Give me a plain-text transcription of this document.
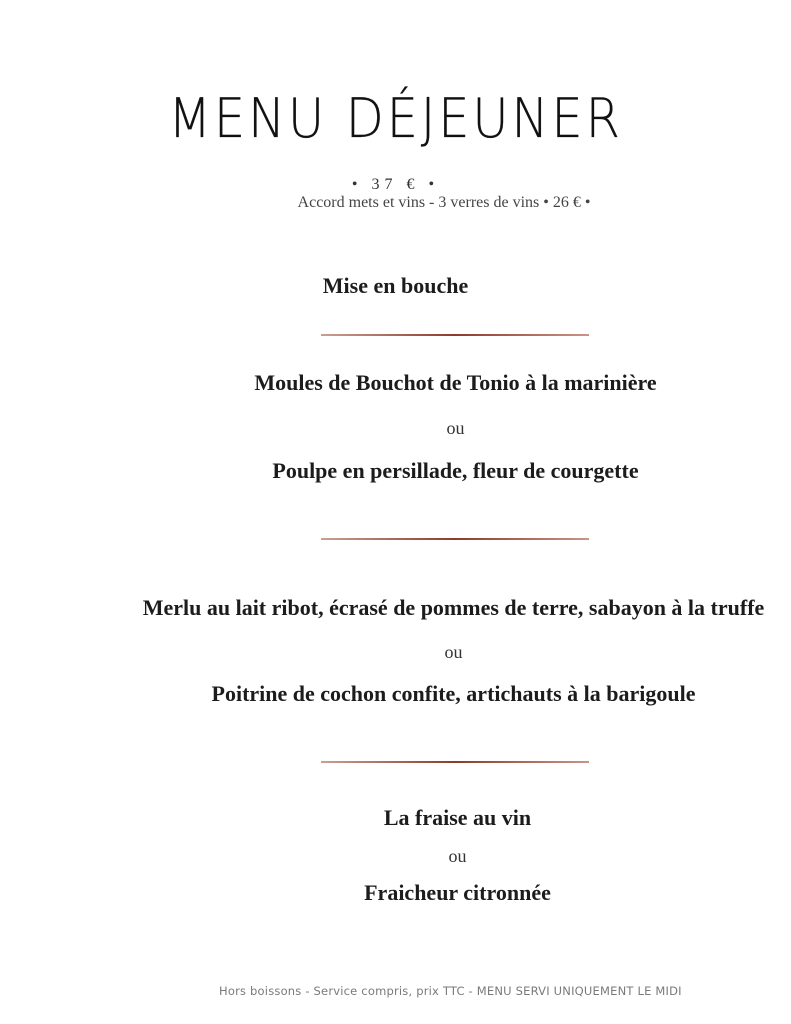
MENU DÉJEUNER
• 37 € •
Accord mets et vins - 3 verres de vins • 26 € •
Mise en bouche
Moules de Bouchot de Tonio à la marinière
ou
Poulpe en persillade, fleur de courgette
Merlu au lait ribot, écrasé de pommes de terre, sabayon à la truffe
ou
Poitrine de cochon confite, artichauts à la barigoule
La fraise au vin
ou
Fraicheur citronnée
Hors boissons - Service compris, prix TTC - MENU SERVI UNIQUEMENT LE MIDI
